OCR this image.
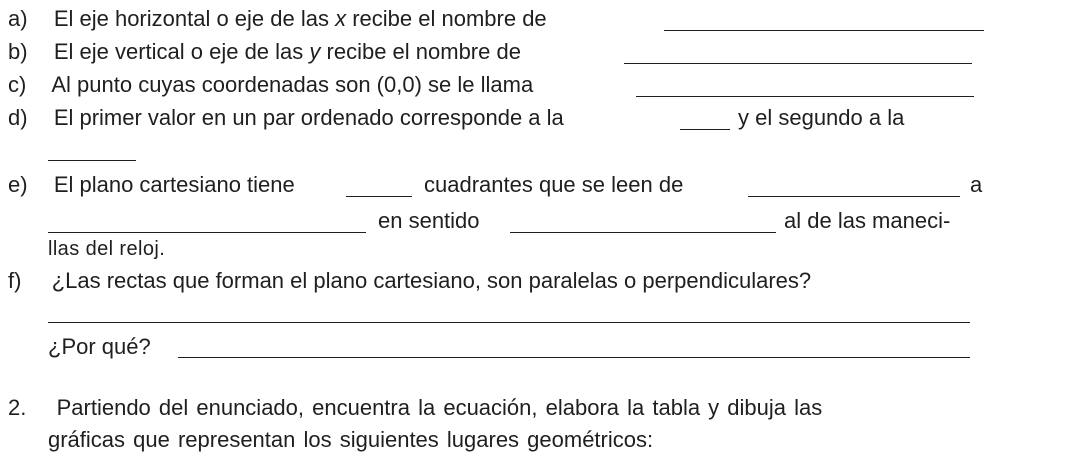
a) El eje horizontal o eje de las x recibe el nombre de
b) El eje vertical o eje de las y recibe el nombre de
c) Al punto cuyas coordenadas son (0,0) se le llama
d) El primer valor en un par ordenado corresponde a la	y el segundo a la
e) El plano cartesiano tiene	cuadrantes que se leen de	a
en sentido	al de las maneci-
llas del reloj.
f) ¿Las rectas que forman el plano cartesiano, son paralelas o perpendiculares?
¿Por qué?
2. Partiendo del enunciado, encuentra la ecuación, elabora la tabla y dibuja las
gráficas que representan los siguientes lugares geométricos:
